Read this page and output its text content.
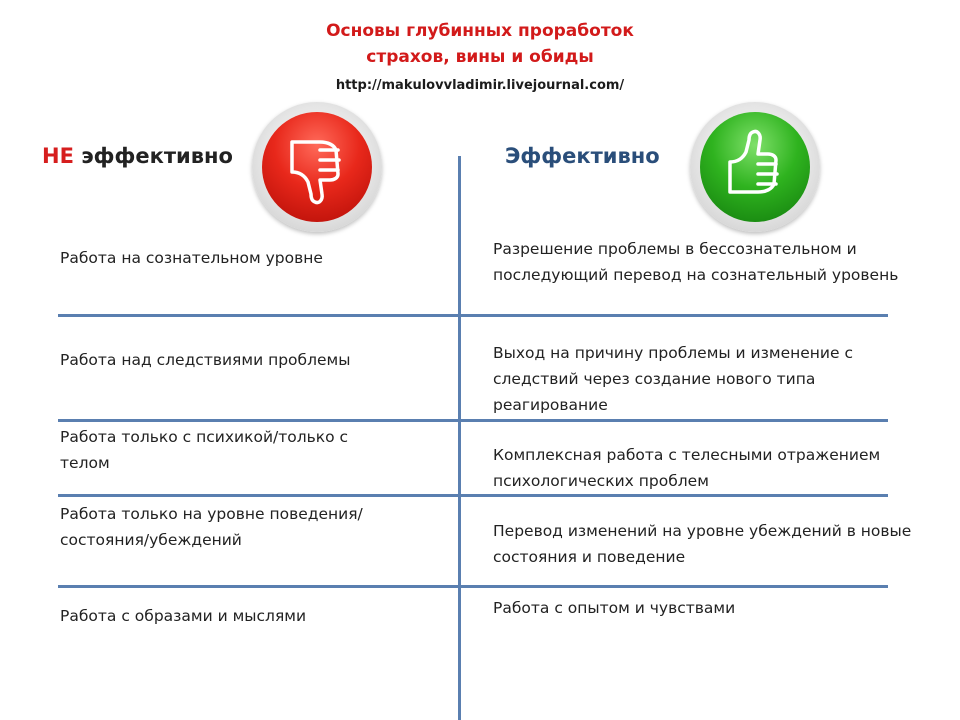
Основы глубинных проработок
страхов, вины и обиды
http://makulovvladimir.livejournal.com/
НЕ эффективно	Эффективно
Работа на сознательном уровне	Разрешение проблемы в бессознательном и последующий перевод на сознательный уровень
Работа над следствиями проблемы	Выход на причину проблемы и изменение с следствий через создание нового типа реагирование
Работа только с психикой/только с телом	Комплексная работа с телесными отражением психологических проблем
Работа только на уровне поведения/состояния/убеждений	Перевод изменений на уровне убеждений в новые состояния и поведение
Работа с образами и мыслями	Работа с опытом и чувствами
